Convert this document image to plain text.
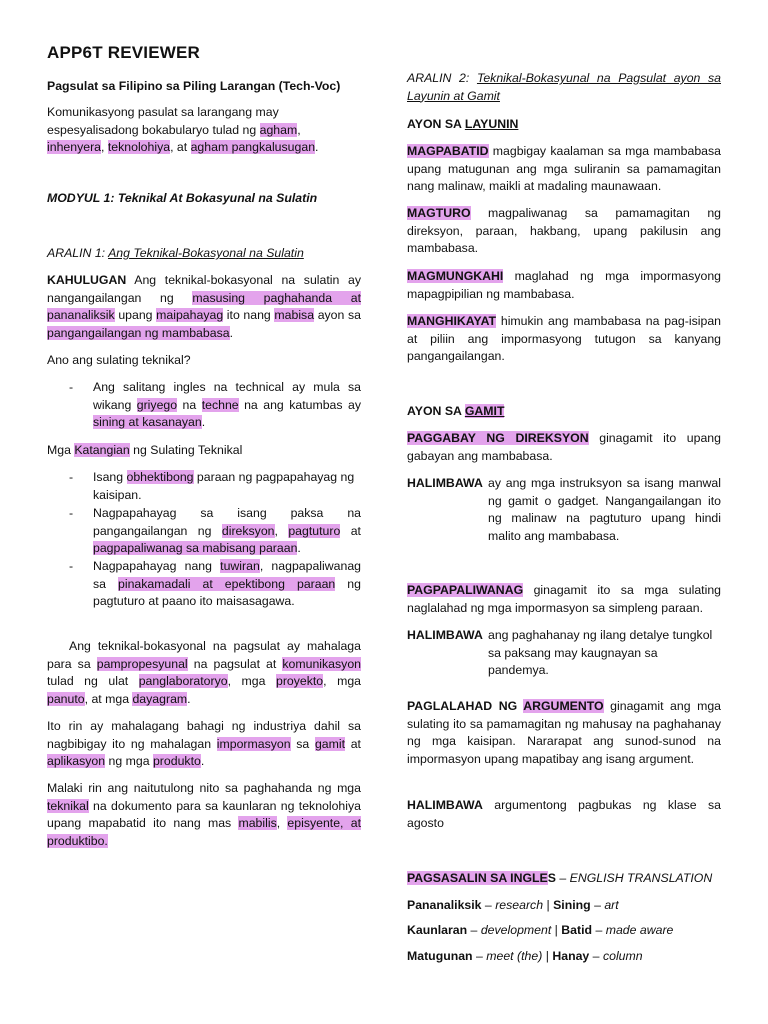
APP6T REVIEWER
Pagsulat sa Filipino sa Piling Larangan (Tech-Voc)

Komunikasyong pasulat sa larangang may espesyalisadong bokabularyo tulad ng agham, inhenyera, teknolohiya, at agham pangkalusugan.

MODYUL 1: Teknikal At Bokasyunal na Sulatin
ARALIN 1: Ang Teknikal-Bokasyonal na Sulatin

KAHULUGAN Ang teknikal-bokasyonal na sulatin ay nangangailangan ng masusing paghahanda at pananaliksik upang maipahayag ito nang mabisa ayon sa pangangailangan ng mambabasa.

Ano ang sulating teknikal?
- Ang salitang ingles na technical ay mula sa wikang griyego na techne na ang katumbas ay sining at kasanayan.
Mga Katangian ng Sulating Teknikal
- Isang obhektibong paraan ng pagpapahayag ng kaisipan.
- Nagpapahayag sa isang paksa na pangangailangan ng direksyon, pagtuturo at pagpapaliwanag sa mabisang paraan.
- Nagpapahayag nang tuwiran, nagpapaliwanag sa pinakamadali at epektibong paraan ng pagtuturo at paano ito maisasagawa.

Ang teknikal-bokasyonal na pagsulat ay mahalaga para sa pampropesyunal na pagsulat at komunikasyon tulad ng ulat panglaboratoryo, mga proyekto, mga panuto, at mga dayagram.

Ito rin ay mahalagang bahagi ng industriya dahil sa nagbibigay ito ng mahalagan impormasyon sa gamit at aplikasyon ng mga produkto.

Malaki rin ang naitutulong nito sa paghahanda ng mga teknikal na dokumento para sa kaunlaran ng teknolohiya upang mapabatid ito nang mas mabilis, episyente, at produktibo.

ARALIN 2: Teknikal-Bokasyunal na Pagsulat ayon sa Layunin at Gamit
AYON SA LAYUNIN

MAGPABATID magbigay kaalaman sa mga mambabasa upang matugunan ang mga suliranin sa pamamagitan nang malinaw, maikli at madaling maunawaan.

MAGTURO magpaliwanag sa pamamagitan ng direksyon, paraan, hakbang, upang pakilusin ang mambabasa.

MAGMUNGKAHI maglahad ng mga impormasyong mapagpipilian ng mambabasa.

MANGHIKAYAT himukin ang mambabasa na pag-isipan at piliin ang impormasyong tutugon sa kanyang pangangailangan.

AYON SA GAMIT

PAGGABAY NG DIREKSYON ginagamit ito upang gabayan ang mambabasa.

HALIMBAWA ay ang mga instruksyon sa isang manwal ng gamit o gadget. Nangangailangan ito ng malinaw na pagtuturo upang hindi malito ang mambabasa.

PAGPAPALIWANAG ginagamit ito sa mga sulating naglalahad ng mga impormasyon sa simpleng paraan.

HALIMBAWA ang paghahanay ng ilang detalye tungkol sa paksang may kaugnayan sa pandemya.

PAGLALAHAD NG ARGUMENTO ginagamit ang mga sulating ito sa pamamagitan ng mahusay na paghahanay ng mga kaisipan. Nararapat ang sunod-sunod na impormasyon upang mapatibay ang isang argument.

HALIMBAWA argumentong pagbukas ng klase sa agosto

PAGSASALIN SA INGLES – ENGLISH TRANSLATION
Pananaliksik – research | Sining – art
Kaunlaran – development | Batid – made aware
Matugunan – meet (the) | Hanay – column
